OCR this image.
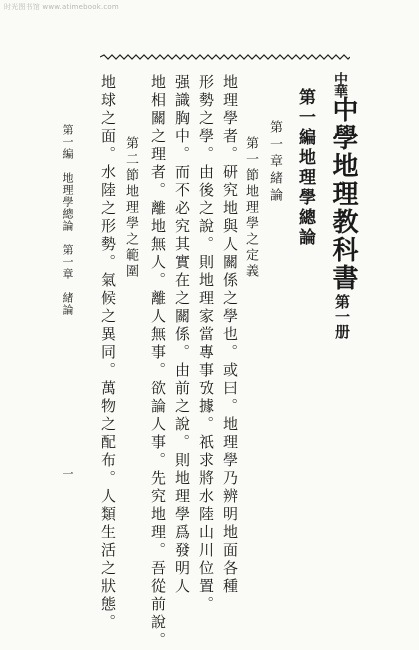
时光图书馆 www.atimebook.com
中華
中學地理教科書
第一册
第一編地理學總論
第一章緒論
第一節地理學之定義
地理學者。研究地與人關係之學也。或曰。地理學乃辨明地面各種
形勢之學。由後之說。則地理家當專事攷據。祇求將水陸山川位置。
强識胸中。而不必究其實在之關係。由前之說。則地理學爲發明人
地相關之理者。離地無人。離人無事。欲論人事。先究地理。吾從前說。
第二節地理學之範圍
地球之面。水陸之形勢。氣候之異同。萬物之配布。人類生活之狀態。
第一編　地理學總論　第一章　緒論
一
